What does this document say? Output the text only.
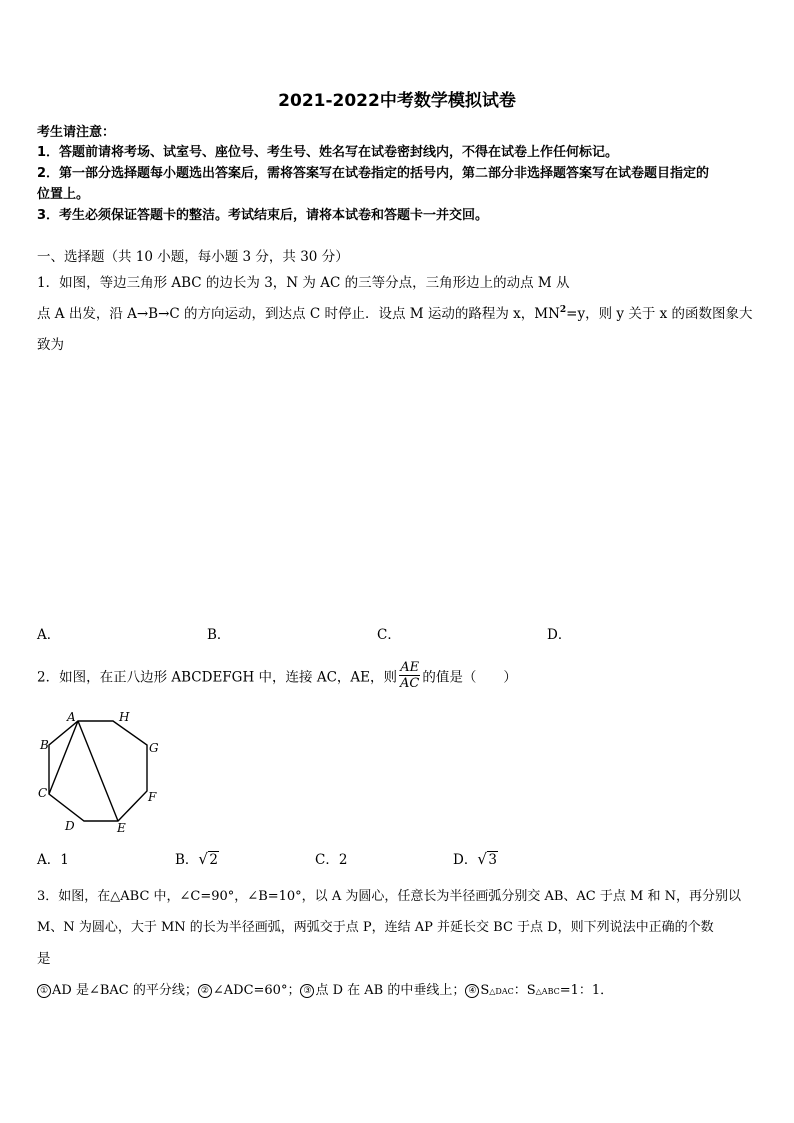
2021-2022中考数学模拟试卷
考生请注意：
1．答题前请将考场、试室号、座位号、考生号、姓名写在试卷密封线内，不得在试卷上作任何标记。
2．第一部分选择题每小题选出答案后，需将答案写在试卷指定的括号内，第二部分非选择题答案写在试卷题目指定的
位置上。
3．考生必须保证答题卡的整洁。考试结束后，请将本试卷和答题卡一并交回。
一、选择题（共 10 小题，每小题 3 分，共 30 分）
1．如图，等边三角形 ABC 的边长为 3，N 为 AC 的三等分点，三角形边上的动点 M 从
点 A 出发，沿 A→B→C 的方向运动，到达点 C 时停止．设点 M 运动的路程为 x，$MN^2=y$，则 y 关于 x 的函数图象大
致为
A．	B．	C．	D．
2．如图，在正八边形 ABCDEFGH 中，连接 AC，AE，则 $\frac{AE}{AC}$ 的值是（　　）
A	H
B	G
C	F
D	E
A．1	B． √ 2	C．2	D． √ 3
3．如图，在△ABC 中，∠C=90°，∠B=10°，以 A 为圆心，任意长为半径画弧分别交 AB、AC 于点 M 和 N，再分别以
M、N 为圆心，大于 MN 的长为半径画弧，两弧交于点 P，连结 AP 并延长交 BC 于点 D，则下列说法中正确的个数
是
① AD 是∠BAC 的平分线； ② ∠ADC=60°； ③ 点 D 在 AB 的中垂线上； ④ S△DAC：S△ABC=1：1．
